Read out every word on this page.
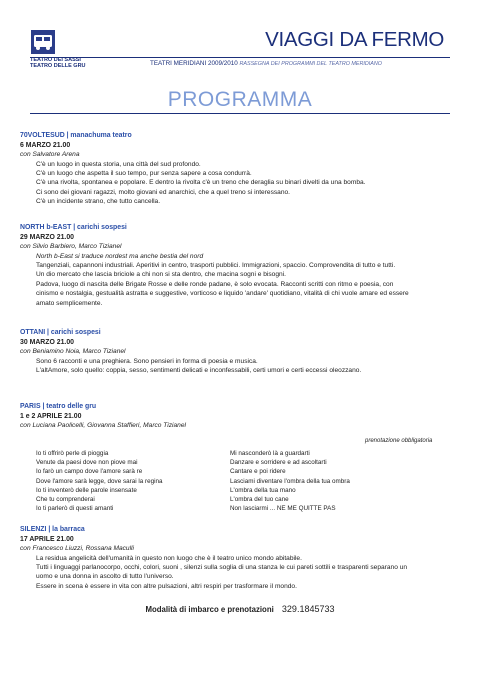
TEATRO DEI SASSI
TEATRO DELLE GRU
VIAGGI DA FERMO
TEATRI MERIDIANI 2009/2010 RASSEGNA DEI PROGRAMMI DEL TEATRO MERIDIANO
PROGRAMMA
70VOLTESUD | manachuma teatro
6 MARZO 21.00
con Salvatore Arena
C'è un luogo in questa storia, una città del sud profondo.
C'è un luogo che aspetta il suo tempo, pur senza sapere a cosa condurrà.
C'è una rivolta, spontanea e popolare. E dentro la rivolta c'è un treno che deraglia su binari divelti da una bomba.
Ci sono dei giovani ragazzi, molto giovani ed anarchici, che a quel treno si interessano.
C'è un incidente strano, che tutto cancella.
NORTH b-EAST | carichi sospesi
29 MARZO 21.00
con Silvio Barbiero, Marco Tizianel
North b-East si traduce nordest ma anche bestia del nord
Tangenziali, capannoni industriali. Aperitivi in centro, trasporti pubblici. Immigrazioni, spaccio. Comprovendita di tutto e tutti.
Un dio mercato che lascia briciole a chi non si sta dentro, che macina sogni e bisogni.
Padova, luogo di nascita delle Brigate Rosse e delle ronde padane, è solo evocata. Racconti scritti con ritmo e poesia, con
cinismo e nostalgia, gestualità astratta e suggestive, vorticoso e liquido 'andare' quotidiano, vitalità di chi vuole amare ed essere
amato semplicemente.
OTTANI | carichi sospesi
30 MARZO 21.00
con Beniamino Noia, Marco Tizianel
Sono 6 racconti e una preghiera. Sono pensieri in forma di poesia e musica.
L'altAmore, solo quello: coppia, sesso, sentimenti delicati e inconfessabili, certi umori e certi eccessi oleozzano.
PARIS | teatro delle gru
1 e 2 APRILE 21.00
con Luciana Paolicelli, Giovanna Staffieri, Marco Tizianel
prenotazione obbligatoria
Io ti offrirò perle di pioggia
Venute da paesi dove non piove mai
Io farò un campo dove l'amore sarà re
Dove l'amore sarà legge, dove sarai la regina
Io ti inventerò delle parole insensate
Che tu comprenderai
Io ti parlerò di questi amanti
Mi nasconderò là a guardarti
Danzare e sorridere e ad ascoltarti
Cantare e poi ridere
Lasciami diventare l'ombra della tua ombra
L'ombra della tua mano
L'ombra del tuo cane
Non lasciarmi ... NE ME QUITTE PAS
SILENZI | la barraca
17 APRILE 21.00
con Francesco Liuzzi, Rossana Maculli
La residua angelicità dell'umanità in questo non luogo che è il teatro unico mondo abitabile.
Tutti i linguaggi parlanocorpo, occhi, colori, suoni , silenzi sulla soglia di una stanza le cui pareti sottili e trasparenti separano un
uomo e una donna in ascolto di tutto l'universo.
Essere in scena è essere in vita con altre pulsazioni, altri respiri per trasformare il mondo.
Modalità di imbarco e prenotazioni 329.1845733
